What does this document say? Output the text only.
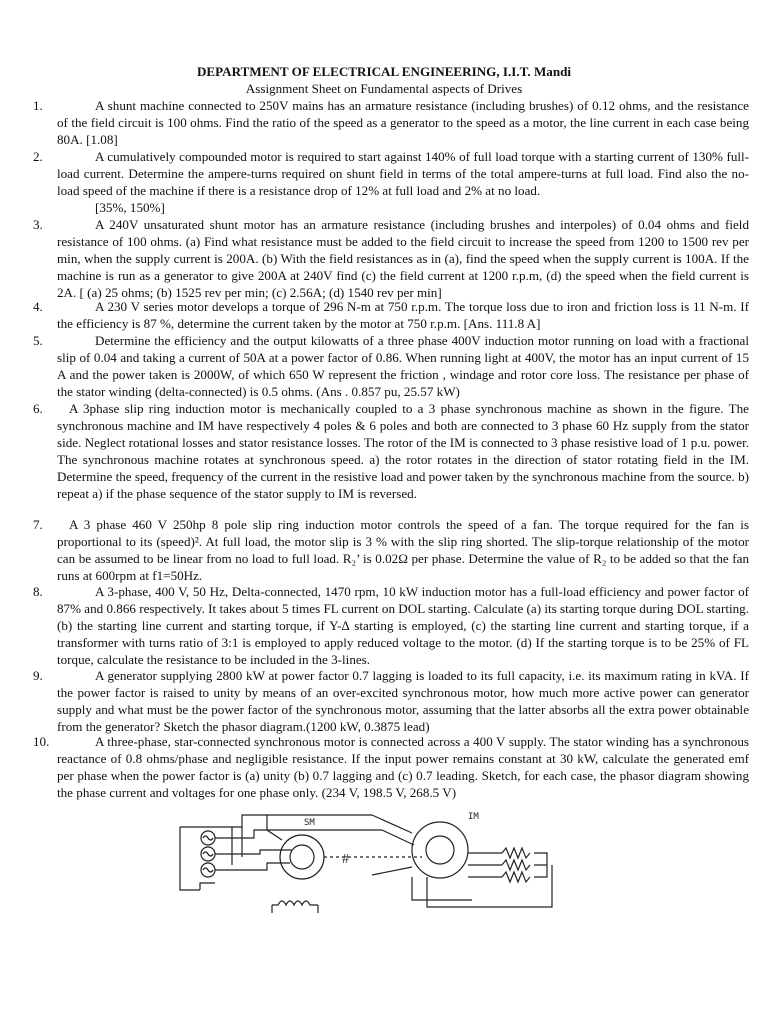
DEPARTMENT OF ELECTRICAL ENGINEERING, I.I.T. Mandi
Assignment Sheet on Fundamental aspects of Drives
1.	A shunt machine connected to 250V mains has an armature resistance (including brushes) of 0.12 ohms, and the resistance of the field circuit is 100 ohms. Find the ratio of the speed as a generator to the speed as a motor, the line current in each case being 80A. [1.08]
2.	A cumulatively compounded motor is required to start against 140% of full load torque with a starting current of 130% full-load current. Determine the ampere-turns required on shunt field in terms of the total ampere-turns at full load. Find also the no-load speed of the machine if there is a resistance drop of 12% at full load and 2% at no load.
[35%, 150%]
3.	A 240V unsaturated shunt motor has an armature resistance (including brushes and interpoles) of 0.04 ohms and field resistance of 100 ohms. (a) Find what resistance must be added to the field circuit to increase the speed from 1200 to 1500 rev per min, when the supply current is 200A. (b) With the field resistances as in (a), find the speed when the supply current is 100A. If the machine is run as a generator to give 200A at 240V find (c) the field current at 1200 r.p.m, (d) the speed when the field current is 2A. [ (a) 25 ohms; (b) 1525 rev per min; (c) 2.56A; (d) 1540 rev per min]
4.	A 230 V series motor develops a torque of 296 N-m at 750 r.p.m. The torque loss due to iron and friction loss is 11 N-m. If the efficiency is 87 %, determine the current taken by the motor at 750 r.p.m. [Ans. 111.8 A]
5.	Determine the efficiency and the output kilowatts of a three phase 400V induction motor running on load with a fractional slip of 0.04 and taking a current of 50A at a power factor of 0.86. When running light at 400V, the motor has an input current of 15 A and the power taken is 2000W, of which 650 W represent the friction , windage and rotor core loss. The resistance per phase of the stator winding (delta-connected) is 0.5 ohms. (Ans . 0.857 pu, 25.57 kW)
6. A 3phase slip ring induction motor is mechanically coupled to a 3 phase synchronous machine as shown in the figure. The synchronous machine and IM have respectively 4 poles & 6 poles and both are connected to 3 phase 60 Hz supply from the stator side. Neglect rotational losses and stator resistance losses. The rotor of the IM is connected to 3 phase resistive load of 1 p.u. power. The synchronous machine rotates at synchronous speed. a) the rotor rotates in the direction of stator rotating field in the IM. Determine the speed, frequency of the current in the resistive load and power taken by the synchronous machine from the source. b) repeat a) if the phase sequence of the stator supply to IM is reversed.
7. A 3 phase 460 V 250hp 8 pole slip ring induction motor controls the speed of a fan. The torque required for the fan is proportional to its (speed)². At full load, the motor slip is 3 % with the slip ring shorted. The slip-torque relationship of the motor can be assumed to be linear from no load to full load. R₂’ is 0.02Ω per phase. Determine the value of R₂ to be added so that the fan runs at 600rpm at f1=50Hz.
8.	A 3-phase, 400 V, 50 Hz, Delta-connected, 1470 rpm, 10 kW induction motor has a full-load efficiency and power factor of 87% and 0.866 respectively. It takes about 5 times FL current on DOL starting. Calculate (a) its starting torque during DOL starting. (b) the starting line current and starting torque, if Y-∆ starting is employed, (c) the starting line current and starting torque, if a transformer with turns ratio of 3:1 is employed to apply reduced voltage to the motor. (d) If the starting torque is to be 25% of FL torque, calculate the resistance to be included in the 3-lines.
9.	A generator supplying 2800 kW at power factor 0.7 lagging is loaded to its full capacity, i.e. its maximum rating in kVA. If the power factor is raised to unity by means of an over-excited synchronous motor, how much more active power can generator supply and what must be the power factor of the synchronous motor, assuming that the latter absorbs all the extra power obtainable from the generator? Sketch the phasor diagram.(1200 kW, 0.3875 lead)
10.	A three-phase, star-connected synchronous motor is connected across a 400 V supply. The stator winding has a synchronous reactance of 0.8 ohms/phase and negligible resistance. If the input power remains constant at 30 kW, calculate the generated emf per phase when the power factor is (a) unity (b) 0.7 lagging and (c) 0.7 leading. Sketch, for each case, the phasor diagram showing the phase current and voltages for one phase only. (234 V, 198.5 V, 268.5 V)
SM
#
IM
